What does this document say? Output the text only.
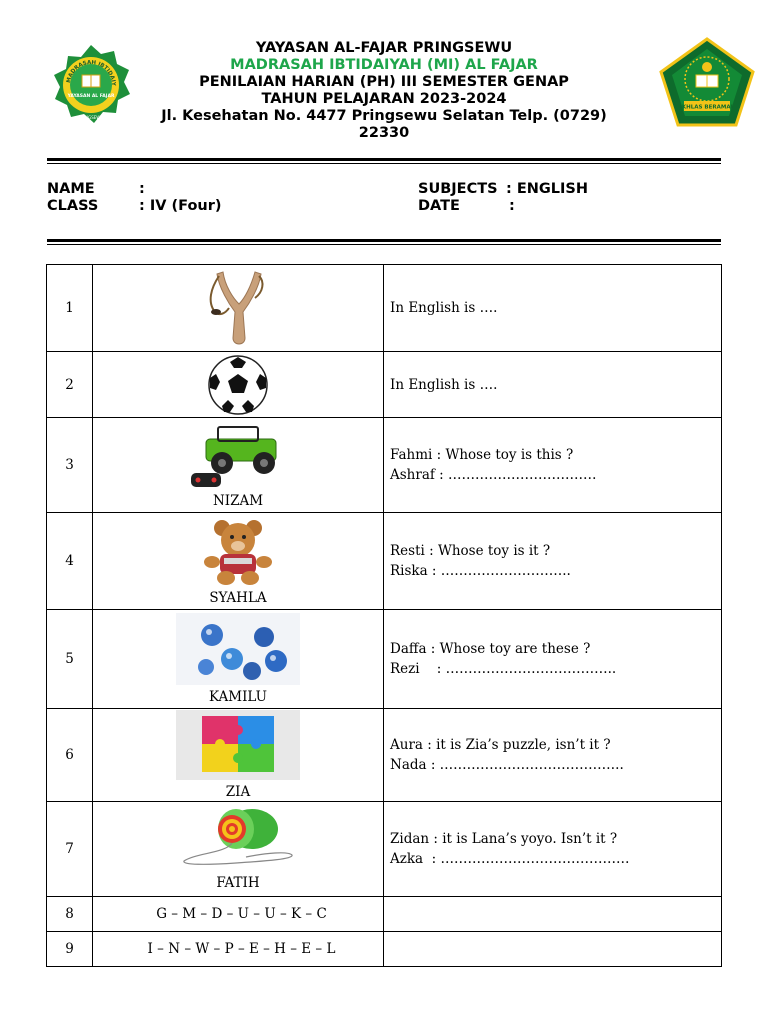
MADRASAH IBTIDAIY
YAYASAN AL FAJAR
PRINGSEWU
YAYASAN AL-FAJAR PRINGSEWU
MADRASAH IBTIDAIYAH (MI) AL FAJAR
PENILAIAN HARIAN (PH) III SEMESTER GENAP
TAHUN PELAJARAN 2023-2024
Jl. Kesehatan No. 4477 Pringsewu Selatan Telp. (0729)
22330
IKHLAS BERAMAL
NAME	:
CLASS	: IV (Four)
SUBJECTS : ENGLISH
DATE	:
1		In English is ….

2		In English is ….

3	NIZAM	Fahmi : Whose toy is this ?
Ashraf : ……………………………

4	SYAHLA	Resti : Whose toy is it ?
Riska : ………………………..

5	KAMILU	Daffa : Whose toy are these ?
Rezi    : ………………………………..

6	ZIA	Aura : it is Zia’s puzzle, isn’t it ?
Nada : …………………………………..

7	FATIH	Zidan : it is Lana’s yoyo. Isn’t it ?
Azka  : ……………………………………

8	G – M – D – U – U – K – C	
9	I – N – W – P – E – H – E – L	
